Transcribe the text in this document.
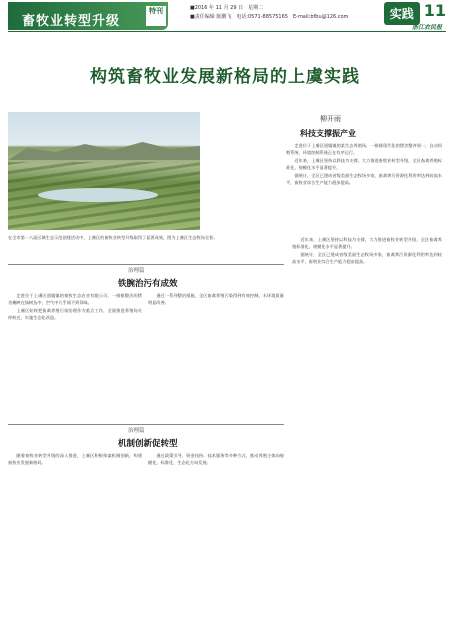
畜牧业转型升级
特刊	■2016 年 11 月 29 日　星期二
■责任编辑 陈鹏飞　电话:0571-88575165　E-mail:bfbu@126.com	实践 11
浙江农民报
构筑畜牧业发展新格局的上虞实践
柳开雨
科技支撑振产业

走进位于上虞区道墟镇的某生态养殖场，一排排现代化的猪舍整齐划一，自动饲喂系统、环境控制系统正在有序运行。

近年来，上虞区坚持以科技为支撑，大力推进畜牧业转型升级，全区畜禽养殖标准化、规模化水平显著提升。

据统计，全区已建成省级美丽生态牧场多家，畜禽粪污资源化利用率达到较高水平，畜牧业综合生产能力稳步提高。

在全市第一八届区域生态示范创建活动中，上虞区的畜牧业转型升级取得了显著成效，图为上虞区生态牧场全景。
治理篇
铁腕治污有成效

走进位于上虞区道墟镇的畜牧生态农业有限公司，一排排整洁的猪舍掩映在绿树丛中，空气中几乎闻不到异味。

上虞区始终把畜禽养殖污染治理作为重点工作，全面推进养殖场关停转迁，实施生态化改造。

通过一系列整治措施，全区畜禽养殖污染得到有效控制，水环境质量明显改善。

近年来，上虞区坚持以科技为支撑，大力推进畜牧业转型升级，全区畜禽养殖标准化、规模化水平显著提升。

据统计，全区已建成省级美丽生态牧场多家，畜禽粪污资源化利用率达到较高水平，畜牧业综合生产能力稳步提高。

治理篇
机制创新促转型

随着畜牧业转型升级的深入推进，上虞区积极探索机制创新，构建畜牧业发展新格局。

通过政策引导、资金扶持、技术服务等多种方式，推动养殖主体向规模化、标准化、生态化方向发展。
